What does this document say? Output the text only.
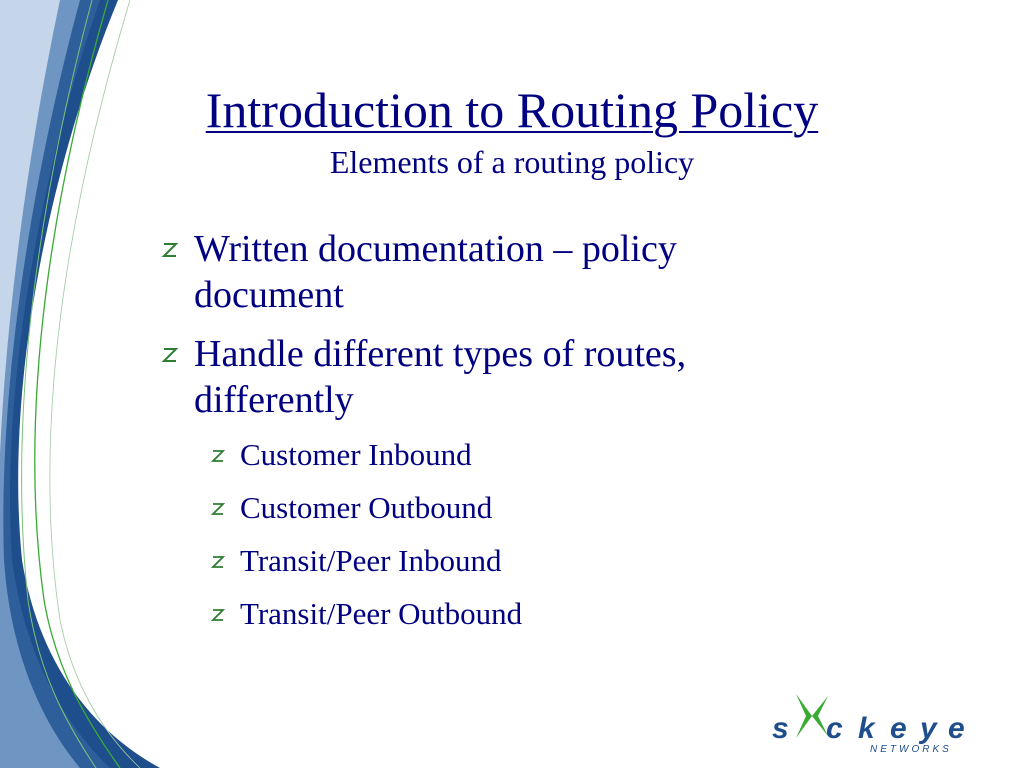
Introduction to Routing Policy
Elements of a routing policy
Written documentation – policy document
Handle different types of routes, differently
Customer Inbound
Customer Outbound
Transit/Peer Inbound
Transit/Peer Outbound
s c k e y e
NETWORKS
